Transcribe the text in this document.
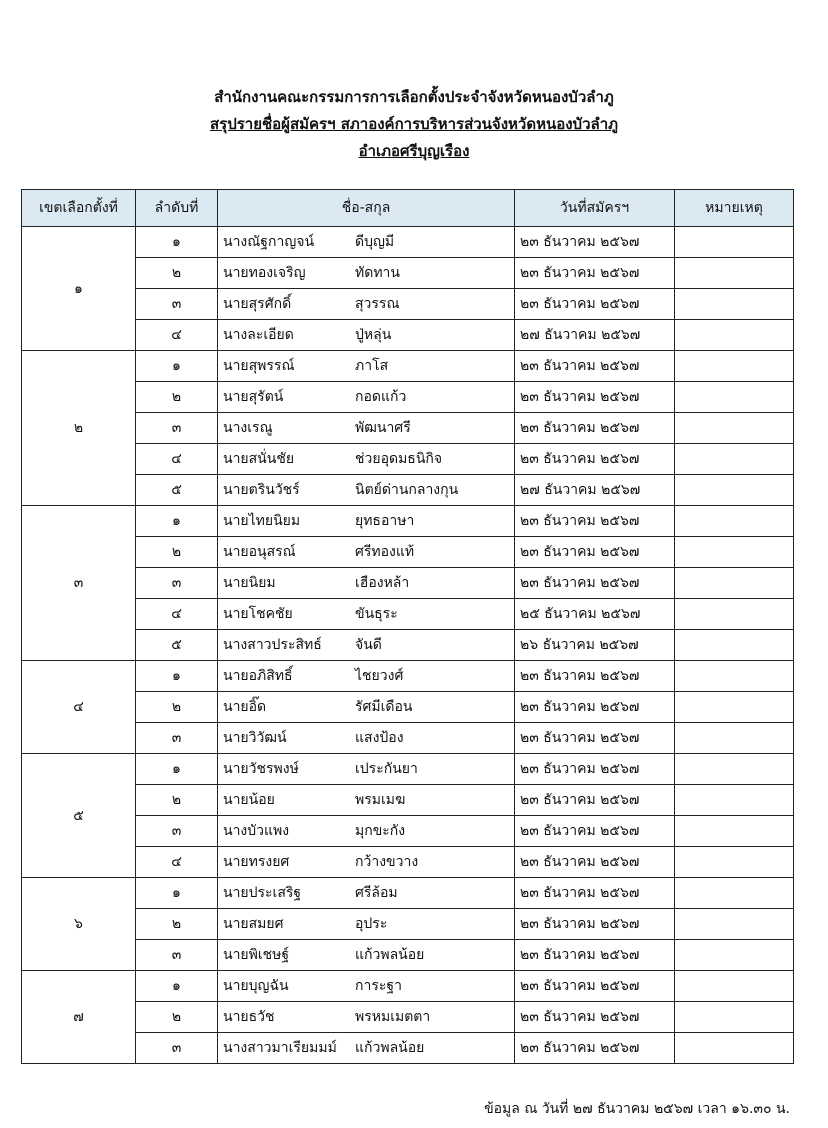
สำนักงานคณะกรรมการการเลือกตั้งประจำจังหวัดหนองบัวลำภู
สรุปรายชื่อผู้สมัครฯ สภาองค์การบริหารส่วนจังหวัดหนองบัวลำภู
อำเภอศรีบุญเรือง
เขตเลือกตั้งที่	ลำดับที่	ชื่อ-สกุล	วันที่สมัครฯ	หมายเหตุ
๑	๑	นางณัฐกาญจน์ ดีบุญมี	๒๓ ธันวาคม ๒๕๖๗	
	๒	นายทองเจริญ ทัดทาน	๒๓ ธันวาคม ๒๕๖๗	
	๓	นายสุรศักดิ์ สุวรรณ	๒๓ ธันวาคม ๒๕๖๗	
	๔	นางละเอียด ปู่หลุ่น	๒๗ ธันวาคม ๒๕๖๗	
๒	๑	นายสุพรรณ์ ภาโส	๒๓ ธันวาคม ๒๕๖๗	
	๒	นายสุรัตน์ กอดแก้ว	๒๓ ธันวาคม ๒๕๖๗	
	๓	นางเรณู พัฒนาศรี	๒๓ ธันวาคม ๒๕๖๗	
	๔	นายสนั่นชัย ช่วยอุดมธนิกิจ	๒๓ ธันวาคม ๒๕๖๗	
	๕	นายตรินวัชร์ นิตย์ด่านกลางกุน	๒๗ ธันวาคม ๒๕๖๗	
๓	๑	นายไทยนิยม ยุทธอาษา	๒๓ ธันวาคม ๒๕๖๗	
	๒	นายอนุสรณ์ ศรีทองแท้	๒๓ ธันวาคม ๒๕๖๗	
	๓	นายนิยม เฮืองหล้า	๒๓ ธันวาคม ๒๕๖๗	
	๔	นายโชคชัย ขันธุระ	๒๕ ธันวาคม ๒๕๖๗	
	๕	นางสาวประสิทธ์ จันดี	๒๖ ธันวาคม ๒๕๖๗	
๔	๑	นายอภิสิทธิ์ ไชยวงศ์	๒๓ ธันวาคม ๒๕๖๗	
	๒	นายอิ๊ด รัศมีเดือน	๒๓ ธันวาคม ๒๕๖๗	
	๓	นายวิวัฒน์ แสงป้อง	๒๓ ธันวาคม ๒๕๖๗	
๕	๑	นายวัชรพงษ์ เประกันยา	๒๓ ธันวาคม ๒๕๖๗	
	๒	นายน้อย พรมเมฆ	๒๓ ธันวาคม ๒๕๖๗	
	๓	นางบัวแพง มุกขะกัง	๒๓ ธันวาคม ๒๕๖๗	
	๔	นายทรงยศ กว้างขวาง	๒๓ ธันวาคม ๒๕๖๗	
๖	๑	นายประเสริฐ ศรีล้อม	๒๓ ธันวาคม ๒๕๖๗	
	๒	นายสมยศ อุประ	๒๓ ธันวาคม ๒๕๖๗	
	๓	นายพิเชษฐ์ แก้วพลน้อย	๒๓ ธันวาคม ๒๕๖๗	
๗	๑	นายบุญฉัน การะฐา	๒๓ ธันวาคม ๒๕๖๗	
	๒	นายธวัช พรหมเมตตา	๒๓ ธันวาคม ๒๕๖๗	
	๓	นางสาวมาเรียมมม์ แก้วพลน้อย	๒๓ ธันวาคม ๒๕๖๗	
ข้อมูล ณ วันที่ ๒๗ ธันวาคม ๒๕๖๗ เวลา ๑๖.๓๐ น.
